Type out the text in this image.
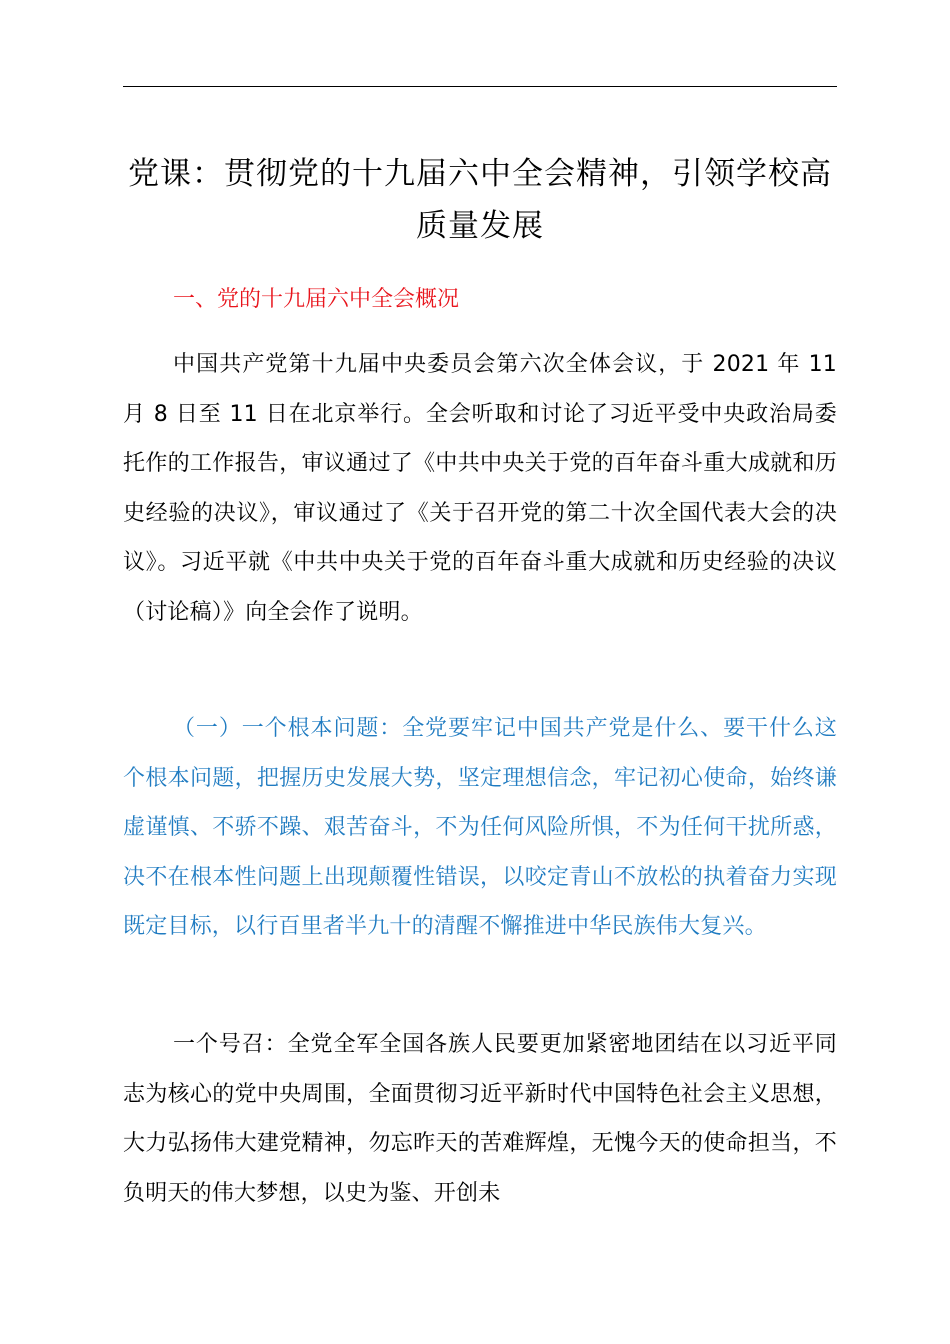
党课：贯彻党的十九届六中全会精神，引领学校高质量发展
一、党的十九届六中全会概况

中国共产党第十九届中央委员会第六次全体会议，于 2021 年 11 月 8 日至 11 日在北京举行。全会听取和讨论了习近平受中央政治局委托作的工作报告，审议通过了《中共中央关于党的百年奋斗重大成就和历史经验的决议》，审议通过了《关于召开党的第二十次全国代表大会的决议》。习近平就《中共中央关于党的百年奋斗重大成就和历史经验的决议（讨论稿）》向全会作了说明。

（一）一个根本问题：全党要牢记中国共产党是什么、要干什么这个根本问题，把握历史发展大势，坚定理想信念，牢记初心使命，始终谦虚谨慎、不骄不躁、艰苦奋斗，不为任何风险所惧，不为任何干扰所惑，决不在根本性问题上出现颠覆性错误，以咬定青山不放松的执着奋力实现既定目标，以行百里者半九十的清醒不懈推进中华民族伟大复兴。

一个号召：全党全军全国各族人民要更加紧密地团结在以习近平同志为核心的党中央周围，全面贯彻习近平新时代中国特色社会主义思想，大力弘扬伟大建党精神，勿忘昨天的苦难辉煌，无愧今天的使命担当，不负明天的伟大梦想，以史为鉴、开创未
